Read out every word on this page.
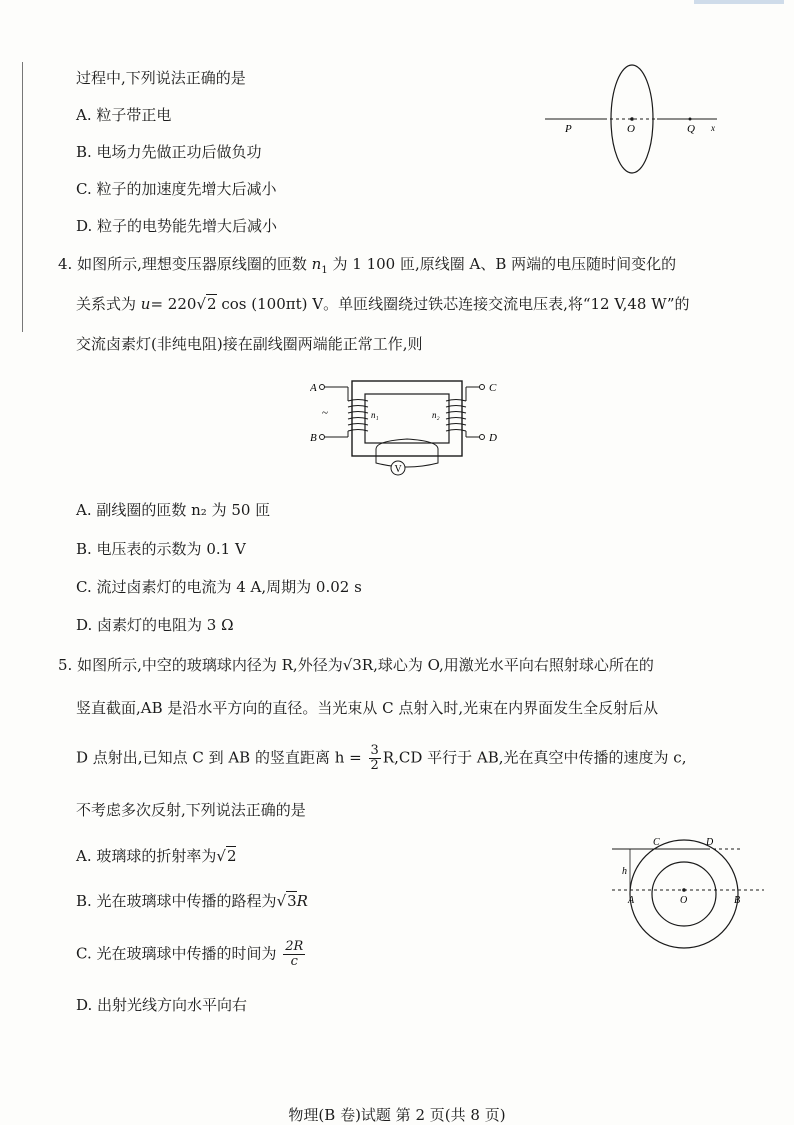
过程中,下列说法正确的是
A. 粒子带正电
B. 电场力先做正功后做负功
C. 粒子的加速度先增大后减小
D. 粒子的电势能先增大后减小
P	O	Q x
4. 如图所示,理想变压器原线圈的匝数 $n_1$ 为 1 100 匝,原线圈 A、B 两端的电压随时间变化的
关系式为 u= 220√2 cos (100πt) V。单匝线圈绕过铁芯连接交流电压表,将“12 V,48 W”的
交流卤素灯(非纯电阻)接在副线圈两端能正常工作,则
V
A
B
C
D
~	n₁	n₂
A. 副线圈的匝数 n₂ 为 50 匝
B. 电压表的示数为 0.1 V
C. 流过卤素灯的电流为 4 A,周期为 0.02 s
D. 卤素灯的电阻为 3 Ω
5. 如图所示,中空的玻璃球内径为 R,外径为√3R,球心为 O,用激光水平向右照射球心所在的
竖直截面,AB 是沿水平方向的直径。当光束从 C 点射入时,光束在内界面发生全反射后从
D 点射出,已知点 C 到 AB 的竖直距离 $h = \frac{3}{2} R,CD$ 平行于 AB,光在真空中传播的速度为 c,
不考虑多次反射,下列说法正确的是
A. 玻璃球的折射率为√2
B. 光在玻璃球中传播的路程为√3R
C. 光在玻璃球中传播的时间为 $\frac{2R}{c}$
D. 出射光线方向水平向右
C	D
h
A	O	B
物理(B 卷)试题 第 2 页(共 8 页)
